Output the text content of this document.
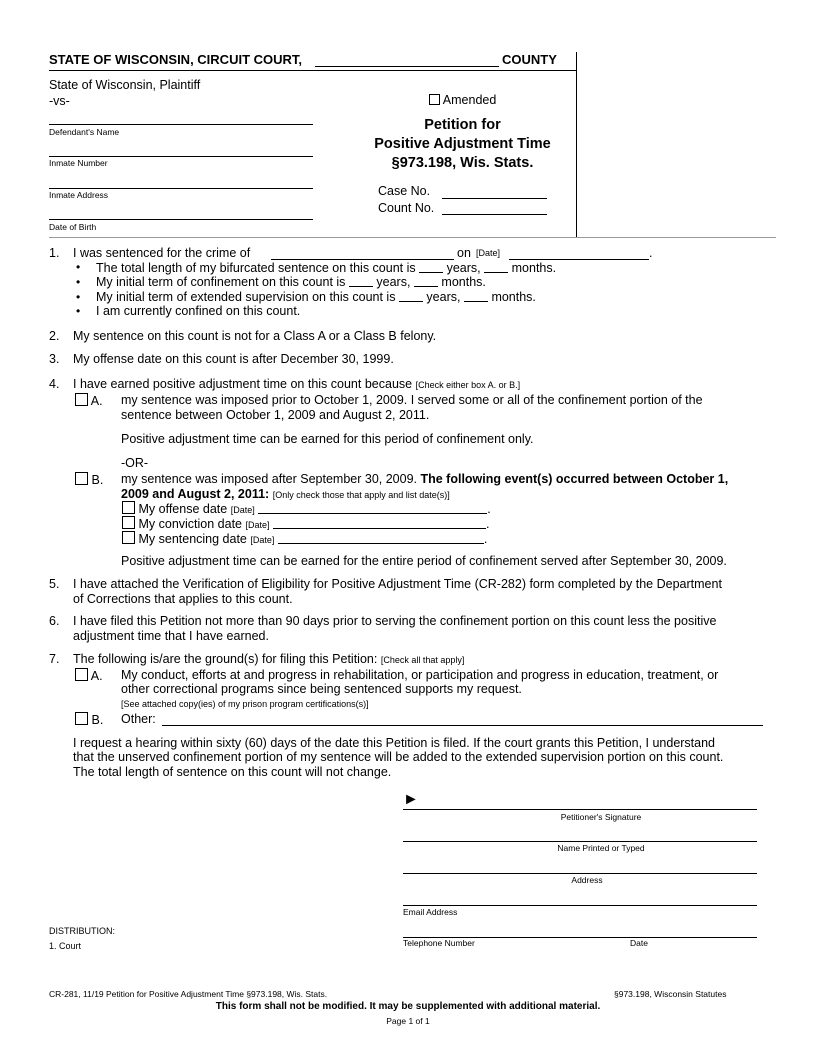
STATE OF WISCONSIN, CIRCUIT COURT,	COUNTY
State of Wisconsin, Plaintiff
-vs-
Defendant's Name
Inmate Number
Inmate Address
Date of Birth
Amended
Petition for
Positive Adjustment Time
§973.198, Wis. Stats.
Case No.
Count No.
1. I was sentenced for the crime of	on [Date]	.
• The total length of my bifurcated sentence on this count is years, months.
• My initial term of confinement on this count is years, months.
• My initial term of extended supervision on this count is years, months.
• I am currently confined on this count.
2. My sentence on this count is not for a Class A or a Class B felony.
3. My offense date on this count is after December 30, 1999.
4. I have earned positive adjustment time on this count because [Check either box A. or B.]
A. my sentence was imposed prior to October 1, 2009. I served some or all of the confinement portion of the
sentence between October 1, 2009 and August 2, 2011.
Positive adjustment time can be earned for this period of confinement only.
-OR-
B. my sentence was imposed after September 30, 2009. The following event(s) occurred between October 1,
2009 and August 2, 2011: [Only check those that apply and list date(s)]
My offense date [Date]	.
My conviction date [Date]	.
My sentencing date [Date]	.
Positive adjustment time can be earned for the entire period of confinement served after September 30, 2009.
5. I have attached the Verification of Eligibility for Positive Adjustment Time (CR-282) form completed by the Department
of Corrections that applies to this count.
6. I have filed this Petition not more than 90 days prior to serving the confinement portion on this count less the positive
adjustment time that I have earned.
7. The following is/are the ground(s) for filing this Petition: [Check all that apply]
A. My conduct, efforts at and progress in rehabilitation, or participation and progress in education, treatment, or
other correctional programs since being sentenced supports my request.
[See attached copy(ies) of my prison program certifications(s)]
B. Other:
I request a hearing within sixty (60) days of the date this Petition is filed. If the court grants this Petition, I understand
that the unserved confinement portion of my sentence will be added to the extended supervision portion on this count.
The total length of sentence on this count will not change.
►
Petitioner's Signature
Name Printed or Typed
Address
Email Address
Telephone Number	Date
DISTRIBUTION:
1. Court
CR-281, 11/19 Petition for Positive Adjustment Time §973.198, Wis. Stats.	§973.198, Wisconsin Statutes
This form shall not be modified. It may be supplemented with additional material.
Page 1 of 1
